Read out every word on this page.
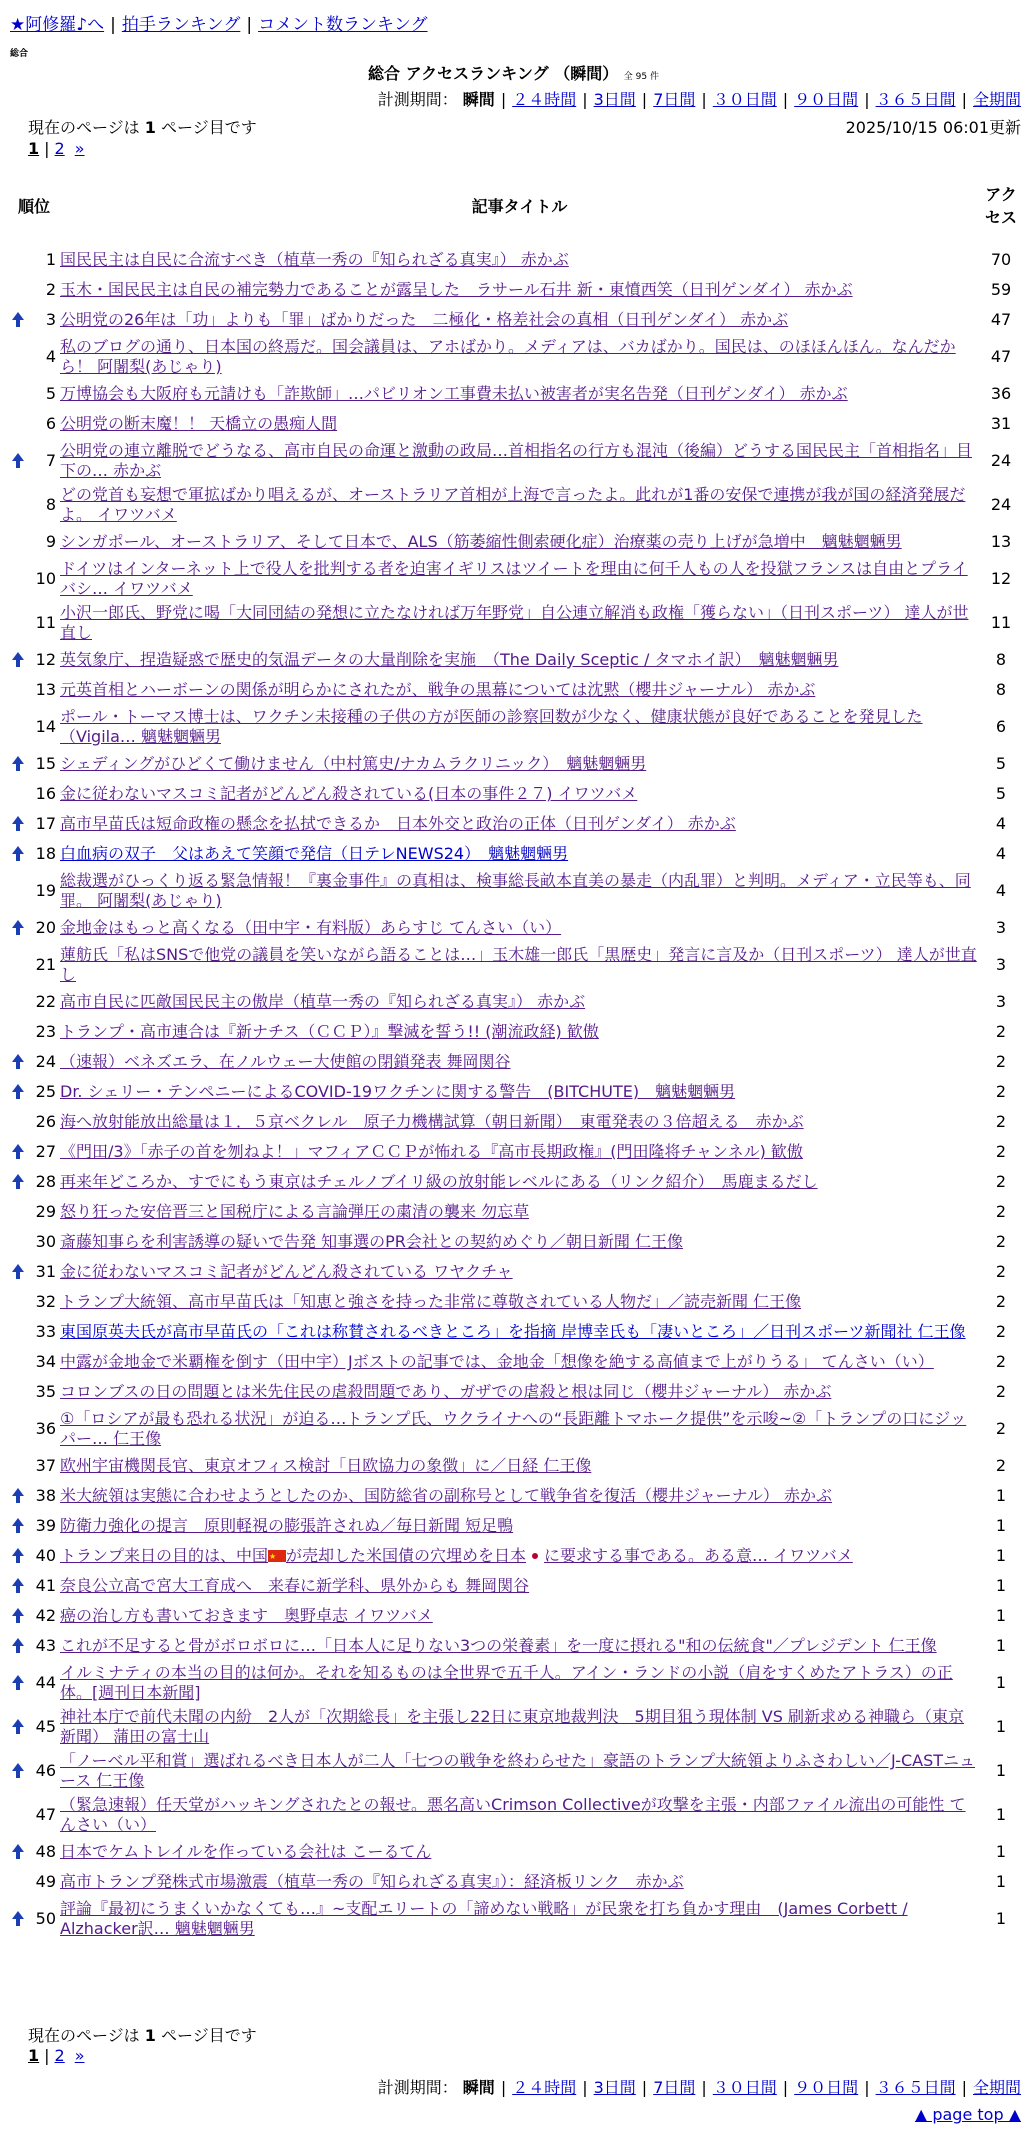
★阿修羅♪へ | 拍手ランキング | コメント数ランキング
総合
総合 アクセスランキング （瞬間） 全 95 件
計測期間： 瞬間 | ２４時間 | 3日間 | 7日間 | ３０日間 | ９０日間 | ３６５日間 | 全期間
現在のページは 1 ページ目です	2025/10/15 06:01更新
1 | 2 »
順位	記事タイトル	アクセス
1	国民民主は自民に合流すべき（植草一秀の『知られざる真実』） 赤かぶ	70
2	玉木・国民民主は自民の補完勢力であることが露呈した　ラサール石井 新・東憤西笑（日刊ゲンダイ） 赤かぶ	59

3	公明党の26年は「功」よりも「罪」ばかりだった　二極化・格差社会の真相（日刊ゲンダイ） 赤かぶ	47
4	私のブログの通り、日本国の終焉だ。国会議員は、アホばかり。メディアは、バカばかり。国民は、のほほんほん。なんだから！ 阿闍梨(あじゃり)	47
5	万博協会も大阪府も元請けも「詐欺師」…パビリオン工事費未払い被害者が実名告発（日刊ゲンダイ） 赤かぶ	36
6	公明党の断末魔！！ 天橋立の愚痴人間	31

7	公明党の連立離脱でどうなる、高市自民の命運と激動の政局…首相指名の行方も混沌（後編）どうする国民民主「首相指名」目下の… 赤かぶ	24
8	どの党首も妄想で軍拡ばかり唱えるが、オーストラリア首相が上海で言ったよ。此れが1番の安保で連携が我が国の経済発展だよ。 イワツバメ	24
9	シンガポール、オーストラリア、そして日本で、ALS（筋萎縮性側索硬化症）治療薬の売り上げが急増中　魑魅魍魎男	13
10	ドイツはインターネット上で役人を批判する者を迫害イギリスはツイートを理由に何千人もの人を投獄フランスは自由とプライバシ… イワツバメ	12
11	小沢一郎氏、野党に喝「大同団結の発想に立たなければ万年野党」自公連立解消も政権「獲らない」（日刊スポーツ） 達人が世直し	11

12	英気象庁、捏造疑惑で歴史的気温データの大量削除を実施　（The Daily Sceptic / タマホイ訳）　魑魅魍魎男	8
13	元英首相とハーボーンの関係が明らかにされたが、戦争の黒幕については沈黙（櫻井ジャーナル） 赤かぶ	8
14	ポール・トーマス博士は、ワクチン未接種の子供の方が医師の診察回数が少なく、健康状態が良好であることを発見した（Vigila… 魑魅魍魎男	6

15	シェディングがひどくて働けません（中村篤史/ナカムラクリニック）　魑魅魍魎男	5
16	金に従わないマスコミ記者がどんどん殺されている(日本の事件２７) イワツバメ	5

17	高市早苗氏は短命政権の懸念を払拭できるか　日本外交と政治の正体（日刊ゲンダイ） 赤かぶ	4

18	白血病の双子　父はあえて笑顔で発信（日テレNEWS24）　魑魅魍魎男	4
19	総裁選がひっくり返る緊急情報！『裏金事件』の真相は、検事総長畝本直美の暴走（内乱罪）と判明。メディア・立民等も、同罪。 阿闍梨(あじゃり)	4

20	金地金はもっと高くなる（田中宇・有料版）あらすじ てんさい（い）	3
21	蓮舫氏「私はSNSで他党の議員を笑いながら語ることは…」玉木雄一郎氏「黒歴史」発言に言及か（日刊スポーツ） 達人が世直し	3
22	高市自民に匹敵国民民主の傲岸（植草一秀の『知られざる真実』） 赤かぶ	3
23	トランプ・高市連合は『新ナチス（ＣＣＰ）』撃滅を誓う!! (潮流政経) 歓傲	2

24	（速報）ベネズエラ、在ノルウェー大使館の閉鎖発表 舞岡関谷	2

25	Dr. シェリー・テンペニーによるCOVID-19ワクチンに関する警告　(BITCHUTE)　魑魅魍魎男	2
26	海へ放射能放出総量は１．５京ベクレル　原子力機構試算（朝日新聞）　東電発表の３倍超える　赤かぶ	2

27	《門田/3》「赤子の首を刎ねよ！」マフィアＣＣＰが怖れる『高市長期政権』(門田隆将チャンネル) 歓傲	2

28	再来年どころか、すでにもう東京はチェルノブイリ級の放射能レベルにある（リンク紹介）　馬鹿まるだし	2
29	怒り狂った安倍晋三と国税庁による言論弾圧の粛清の襲来 勿忘草	2
30	斎藤知事らを利害誘導の疑いで告発 知事選のPR会社との契約めぐり／朝日新聞 仁王像	2

31	金に従わないマスコミ記者がどんどん殺されている ワヤクチャ	2
32	トランプ大統領、高市早苗氏は「知恵と強さを持った非常に尊敬されている人物だ」／読売新聞 仁王像	2
33	東国原英夫氏が高市早苗氏の「これは称賛されるべきところ」を指摘 岸博幸氏も「凄いところ」／日刊スポーツ新聞社 仁王像	2
34	中露が金地金で米覇権を倒す（田中宇）Jボストの記事では、金地金「想像を絶する高値まで上がりうる」 てんさい（い）	2
35	コロンブスの日の問題とは米先住民の虐殺問題であり、ガザでの虐殺と根は同じ（櫻井ジャーナル） 赤かぶ	2
36	①「ロシアが最も恐れる状況」が迫る…トランプ氏、ウクライナへの“長距離トマホーク提供”を示唆~②「トランプの口にジッパー… 仁王像	2
37	欧州宇宙機関長官、東京オフィス検討「日欧協力の象徴」に／日経 仁王像	2

38	米大統領は実態に合わせようとしたのか、国防総省の副称号として戦争省を復活（櫻井ジャーナル） 赤かぶ	1

39	防衛力強化の提言　原則軽視の膨張許されぬ／毎日新聞 短足鴨	1

40	トランプ来日の目的は、中国 ★ が売却した米国債の穴埋めを日本 に要求する事である。ある意… イワツバメ	1

41	奈良公立高で宮大工育成へ　来春に新学科、県外からも 舞岡関谷	1

42	癌の治し方も書いておきます　奥野卓志 イワツバメ	1

43	これが不足すると骨がボロボロに…「日本人に足りない3つの栄養素」を一度に摂れる"和の伝統食"／プレジデント 仁王像	1

44	イルミナティの本当の目的は何か。それを知るものは全世界で五千人。アイン・ランドの小説（肩をすくめたアトラス）の正体。[週刊日本新聞]	1

45	神社本庁で前代未聞の内紛　2人が「次期総長」を主張し22日に東京地裁判決　5期目狙う現体制 VS 刷新求める神職ら（東京新聞） 蒲田の富士山	1

46	「ノーベル平和賞」選ばれるべき日本人が二人「七つの戦争を終わらせた」豪語のトランプ大統領よりふさわしい／J-CASTニュース 仁王像	1
47	（緊急速報）任天堂がハッキングされたとの報せ。悪名高いCrimson Collectiveが攻撃を主張・内部ファイル流出の可能性 てんさい（い）	1

48	日本でケムトレイルを作っている会社は こーるてん	1
49	高市トランプ発株式市場激震（植草一秀の『知られざる真実』）：経済板リンク　赤かぶ	1

50	評論『最初にうまくいかなくても…』~支配エリートの「諦めない戦略」が民衆を打ち負かす理由　(James Corbett / Alzhacker訳… 魑魅魍魎男	1
現在のページは 1 ページ目です
1 | 2 »
計測期間： 瞬間 | ２４時間 | 3日間 | 7日間 | ３０日間 | ９０日間 | ３６５日間 | 全期間
▲ page top ▲
